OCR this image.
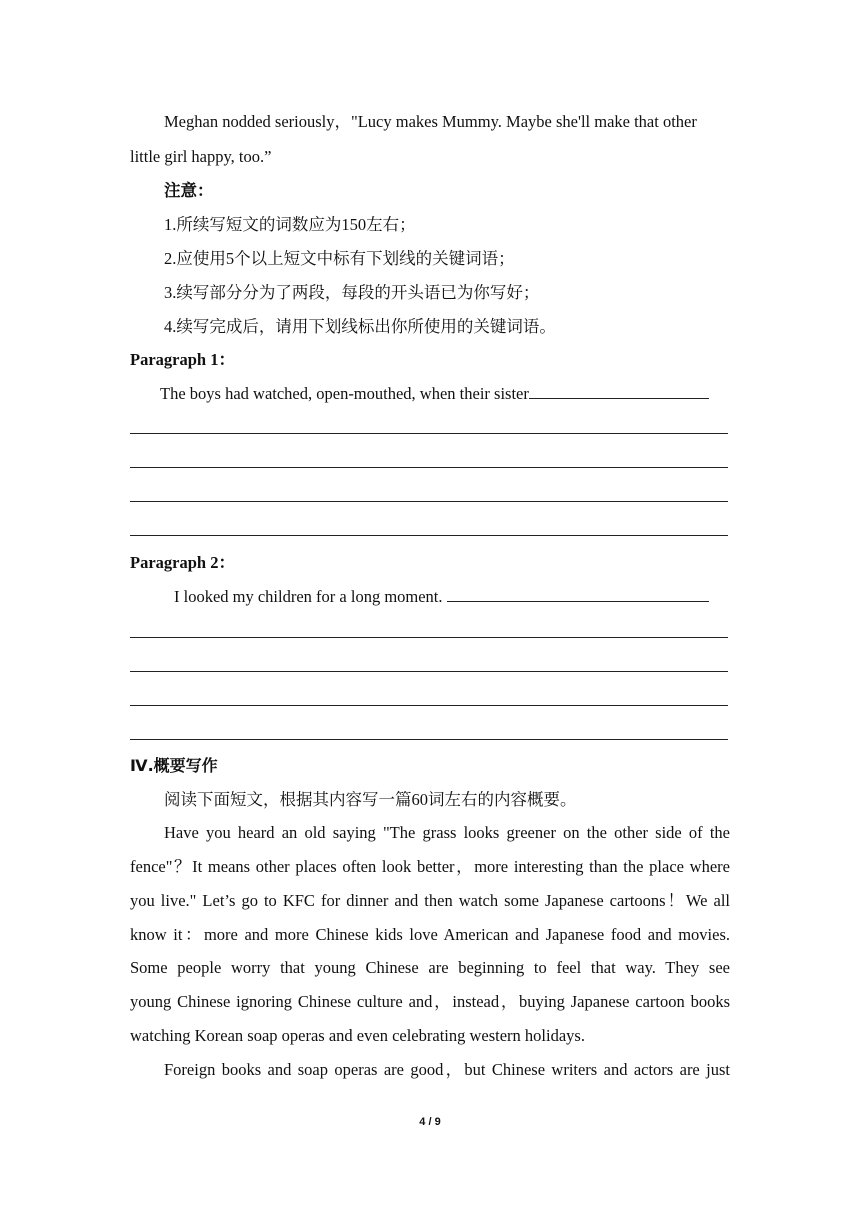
Meghan nodded seriously，"Lucy makes Mummy. Maybe she'll make that other
little girl happy, too.”
注意：
1.所续写短文的词数应为150左右；
2.应使用5个以上短文中标有下划线的关键词语；
3.续写部分分为了两段，每段的开头语已为你写好；
4.续写完成后，请用下划线标出你所使用的关键词语。
Paragraph 1：
The boys had watched, open-mouthed, when their sister
Paragraph 2：
I looked my children for a long moment.
Ⅳ.概要写作
阅读下面短文，根据其内容写一篇60词左右的内容概要。
Have you heard an old saying "The grass looks greener on the other side of the
fence"？It means other places often look better，more interesting than the place where
you live." Let’s go to KFC for dinner and then watch some Japanese cartoons！We all
know it：more and more Chinese kids love American and Japanese food and movies.
Some people worry that young Chinese are beginning to feel that way. They see
young Chinese ignoring Chinese culture and，instead，buying Japanese cartoon books
watching Korean soap operas and even celebrating western holidays.
Foreign books and soap operas are good，but Chinese writers and actors are just
4 / 9
